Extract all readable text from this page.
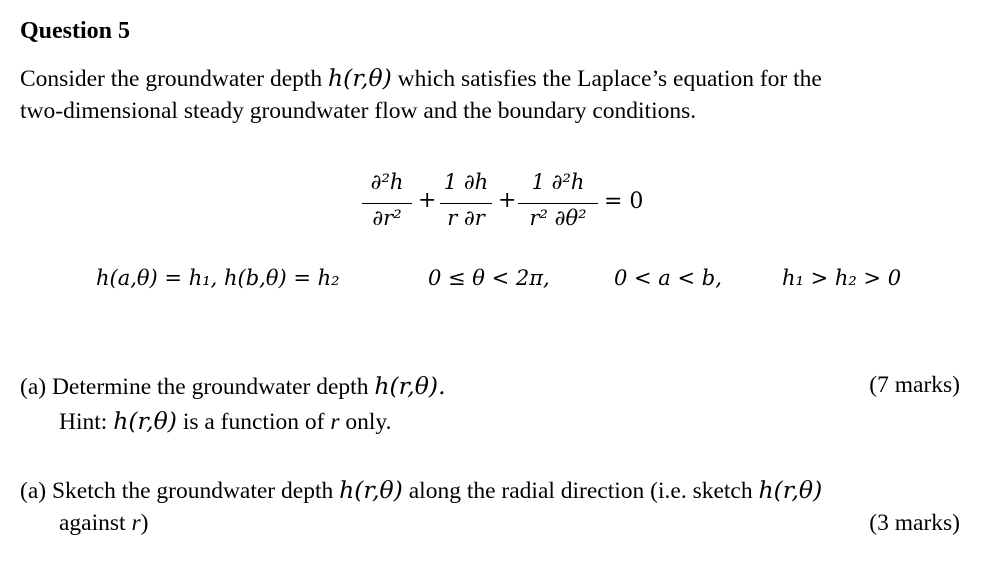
Question 5
Consider the groundwater depth h(r,θ) which satisfies the Laplace’s equation for the
two-dimensional steady groundwater flow and the boundary conditions.
∂²h
∂r²
+
1 ∂h
r ∂r
+
1 ∂²h
r² ∂θ²
= 0
h(a,θ) = h₁, h(b,θ) = h₂	0 ≤ θ < 2π,	0 < a < b,	h₁ > h₂ > 0
(a) Determine the groundwater depth h(r,θ).	(7 marks)
Hint: h(r,θ) is a function of r only.
(a) Sketch the groundwater depth h(r,θ) along the radial direction (i.e. sketch h(r,θ)
against r)	(3 marks)
